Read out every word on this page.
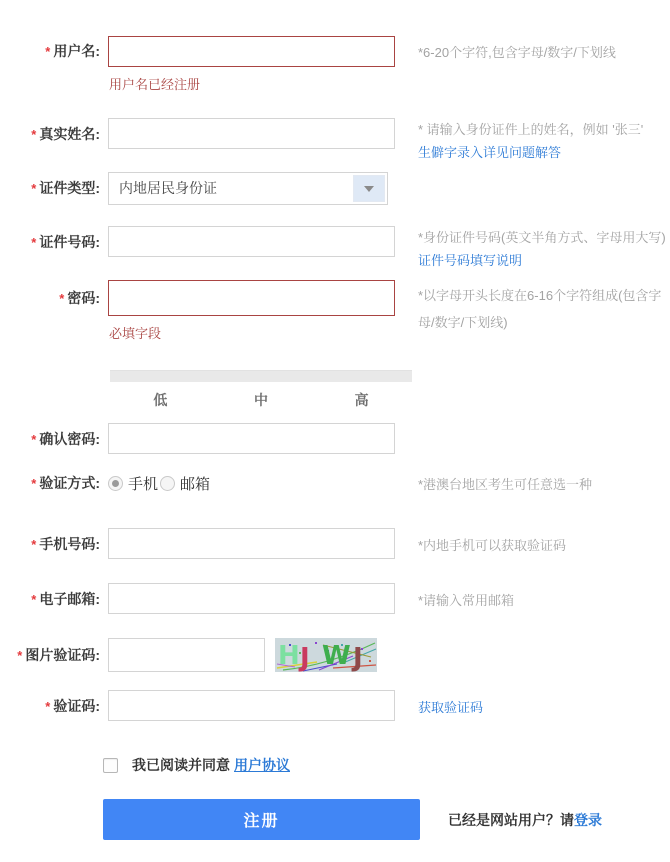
* 用户名:
用户名已经注册
*6-20个字符,包含字母/数字/下划线
* 真实姓名:	* 请输入身份证件上的姓名，例如 '张三'
生僻字录入详见问题解答
* 证件类型:	内地居民身份证
* 证件号码:	*身份证件号码(英文半角方式、字母用大写)
证件号码填写说明
* 密码:
必填字段
*以字母开头长度在6-16个字符组成(包含字母/数字/下划线)
低	中	高
* 确认密码:
* 验证方式: 手机 邮箱	*港澳台地区考生可任意选一种
* 手机号码:	*内地手机可以获取验证码
* 电子邮箱:	*请输入常用邮箱
* 图片验证码:	H J W J
* 验证码:	获取验证码
我已阅读并同意 用户协议
注册	已经是网站用户？请登录
